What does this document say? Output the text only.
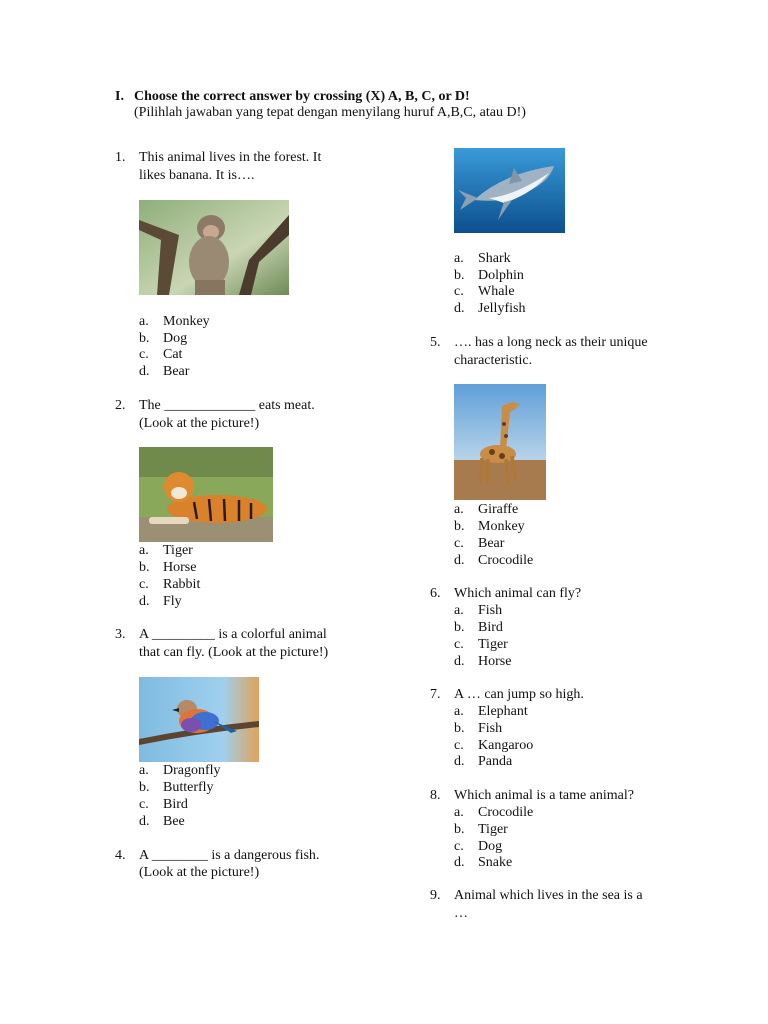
I. Choose the correct answer by crossing (X) A, B, C, or D!
(Pilihlah jawaban yang tepat dengan menyilang huruf A,B,C, atau D!)
1. This animal lives in the forest. It
likes banana. It is….
a.	Monkey
b. Dog
c.	Cat
d. Bear
2. The _____________ eats meat.
(Look at the picture!)
a.	Tiger
b. Horse
c.	Rabbit
d. Fly
3. A _________ is a colorful animal
that can fly. (Look at the picture!)
a.	Dragonfly
b. Butterfly
c.	Bird
d. Bee
4. A ________ is a dangerous fish.
(Look at the picture!)
a.	Shark
b. Dolphin
c.	Whale
d. Jellyfish
5. …. has a long neck as their unique
characteristic.
a.	Giraffe
b. Monkey
c.	Bear
d. Crocodile
6. Which animal can fly?
a.	Fish
b. Bird
c.	Tiger
d. Horse
7. A … can jump so high.
a.	Elephant
b. Fish
c.	Kangaroo
d. Panda
8. Which animal is a tame animal?
a.	Crocodile
b. Tiger
c.	Dog
d. Snake
9. Animal which lives in the sea is a
…
